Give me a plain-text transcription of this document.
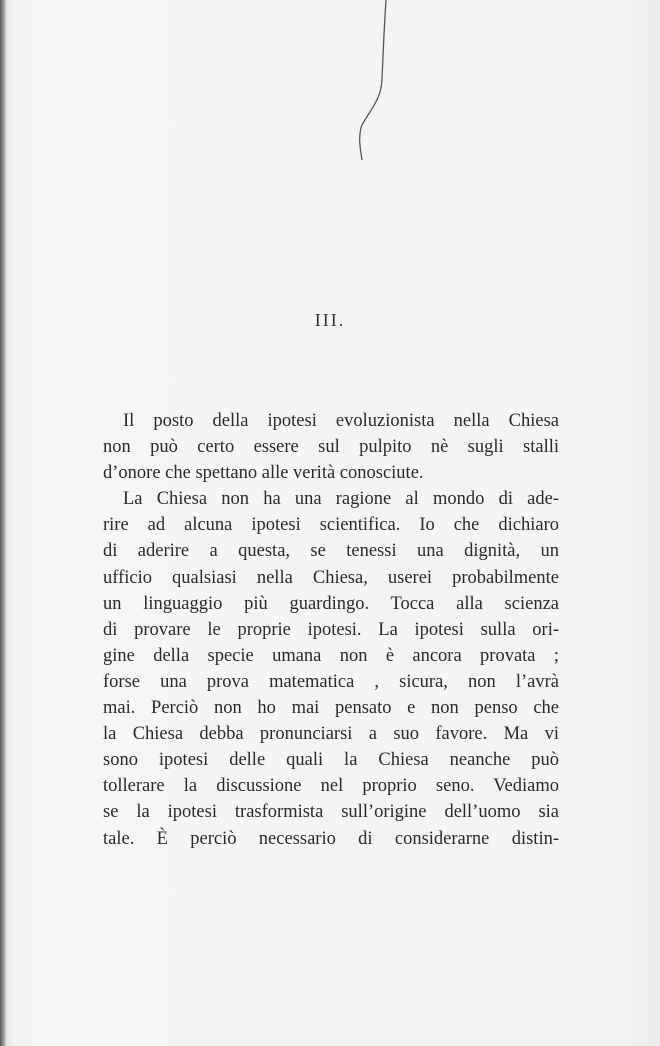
III.
Il posto della ipotesi evoluzionista nella Chiesa
non può certo essere sul pulpito nè sugli stalli
d’onore che spettano alle verità conosciute.
La Chiesa non ha una ragione al mondo di ade-
rire ad alcuna ipotesi scientifica. Io che dichiaro
di aderire a questa, se tenessi una dignità, un
ufficio qualsiasi nella Chiesa, userei probabilmente
un linguaggio più guardingo. Tocca alla scienza
di provare le proprie ipotesi. La ipotesi sulla ori-
gine della specie umana non è ancora provata ;
forse una prova matematica , sicura, non l’avrà
mai. Perciò non ho mai pensato e non penso che
la Chiesa debba pronunciarsi a suo favore. Ma vi
sono ipotesi delle quali la Chiesa neanche può
tollerare la discussione nel proprio seno. Vediamo
se la ipotesi trasformista sull’origine dell’uomo sia
tale. È perciò necessario di considerarne distin-
